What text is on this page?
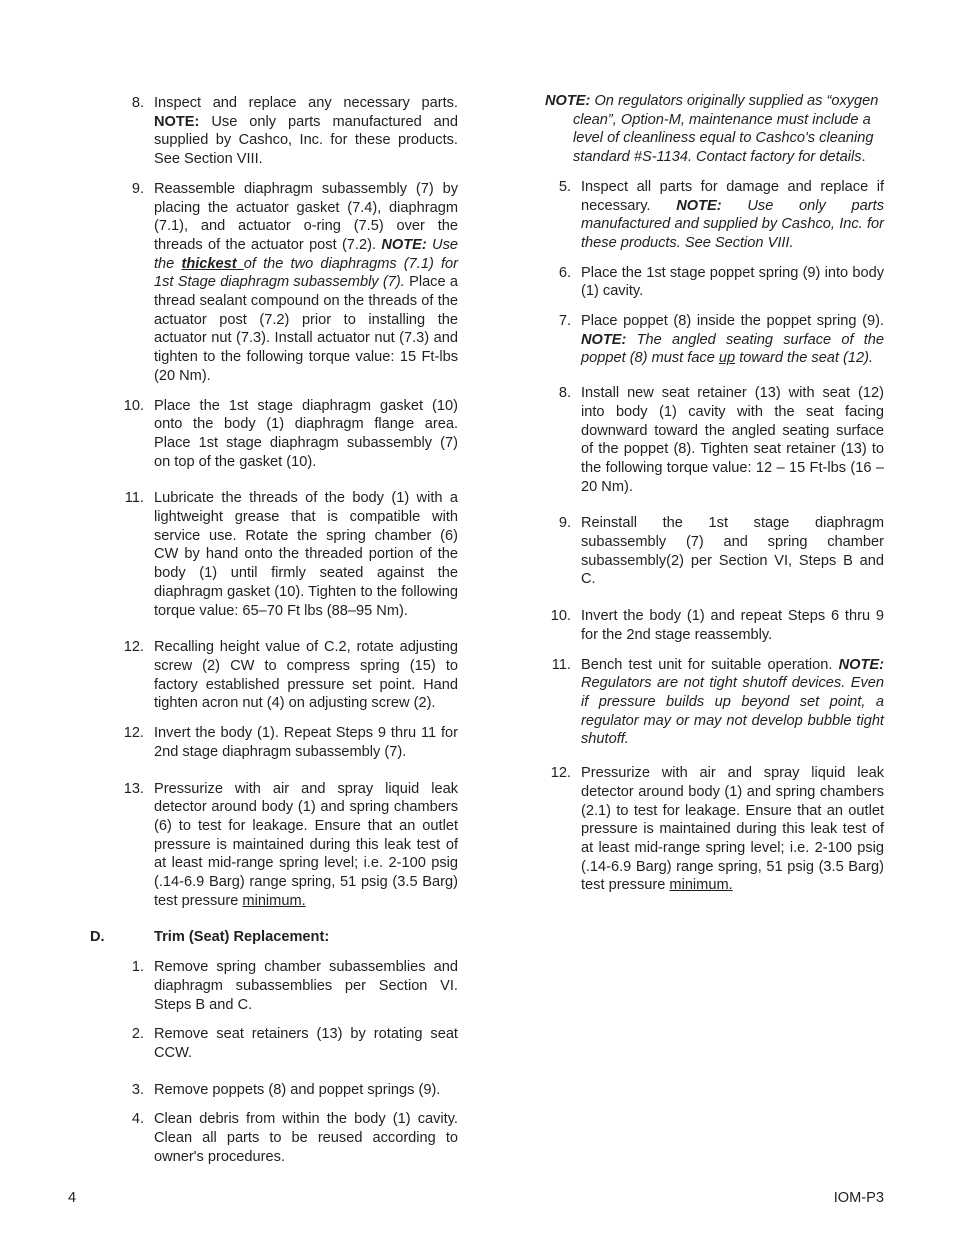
8. Inspect and replace any necessary parts. NOTE: Use only parts manufactured and supplied by Cashco, Inc. for these products. See Section VIII.
9. Reassemble diaphragm subassembly (7) by placing the actuator gasket (7.4), diaphragm (7.1), and actuator o-ring (7.5) over the threads of the actuator post (7.2). NOTE: Use the thickest of the two diaphragms (7.1) for 1st Stage diaphragm subassembly (7). Place a thread sealant compound on the threads of the actuator post (7.2) prior to installing the actuator nut (7.3). Install actuator nut (7.3) and tighten to the following torque value: 15 Ft-lbs (20 Nm).
10. Place the 1st stage diaphragm gasket (10) onto the body (1) diaphragm flange area. Place 1st stage diaphragm subassembly (7) on top of the gasket (10).
11. Lubricate the threads of the body (1) with a lightweight grease that is compatible with service use. Rotate the spring chamber (6) CW by hand onto the threaded portion of the body (1) until firmly seated against the diaphragm gasket (10). Tighten to the following torque value: 65–70 Ft lbs (88–95 Nm).
12. Recalling height value of C.2, rotate adjusting screw (2) CW to compress spring (15) to factory established pressure set point. Hand tighten acron nut (4) on adjusting screw (2).
12. Invert the body (1). Repeat Steps 9 thru 11 for 2nd stage diaphragm subassembly (7).
13. Pressurize with air and spray liquid leak detector around body (1) and spring chambers (6) to test for leakage. Ensure that an outlet pressure is maintained during this leak test of at least mid-range spring level; i.e. 2-100 psig (.14-6.9 Barg) range spring, 51 psig (3.5 Barg) test pressure minimum.
D.	Trim (Seat) Replacement:
1. Remove spring chamber subassemblies and diaphragm subassemblies per Section VI. Steps B and C.
2. Remove seat retainers (13) by rotating seat CCW.
3. Remove poppets (8) and poppet springs (9).
4. Clean debris from within the body (1) cavity. Clean all parts to be reused according to owner's procedures.
NOTE: On regulators originally supplied as “oxygen clean”, Option-M, maintenance must include a level of cleanliness equal to Cashco's cleaning standard #S-1134. Contact factory for details.
5. Inspect all parts for damage and replace if necessary. NOTE: Use only parts manufactured and supplied by Cashco, Inc. for these products. See Section VIII.
6. Place the 1st stage poppet spring (9) into body (1) cavity.
7. Place poppet (8) inside the poppet spring (9). NOTE: The angled seating surface of the poppet (8) must face up toward the seat (12).
8. Install new seat retainer (13) with seat (12) into body (1) cavity with the seat facing downward toward the angled seating surface of the poppet (8). Tighten seat retainer (13) to the following torque value: 12 – 15 Ft-lbs (16 – 20 Nm).
9. Reinstall the 1st stage diaphragm subassembly (7) and spring chamber subassembly(2) per Section VI, Steps B and C.
10. Invert the body (1) and repeat Steps 6 thru 9 for the 2nd stage reassembly.
11. Bench test unit for suitable operation. NOTE: Regulators are not tight shutoff devices. Even if pressure builds up beyond set point, a regulator may or may not develop bubble tight shutoff.
12. Pressurize with air and spray liquid leak detector around body (1) and spring chambers (2.1) to test for leakage. Ensure that an outlet pressure is maintained during this leak test of at least mid-range spring level; i.e. 2-100 psig (.14-6.9 Barg) range spring, 51 psig (3.5 Barg) test pressure minimum.
4	IOM-P3
